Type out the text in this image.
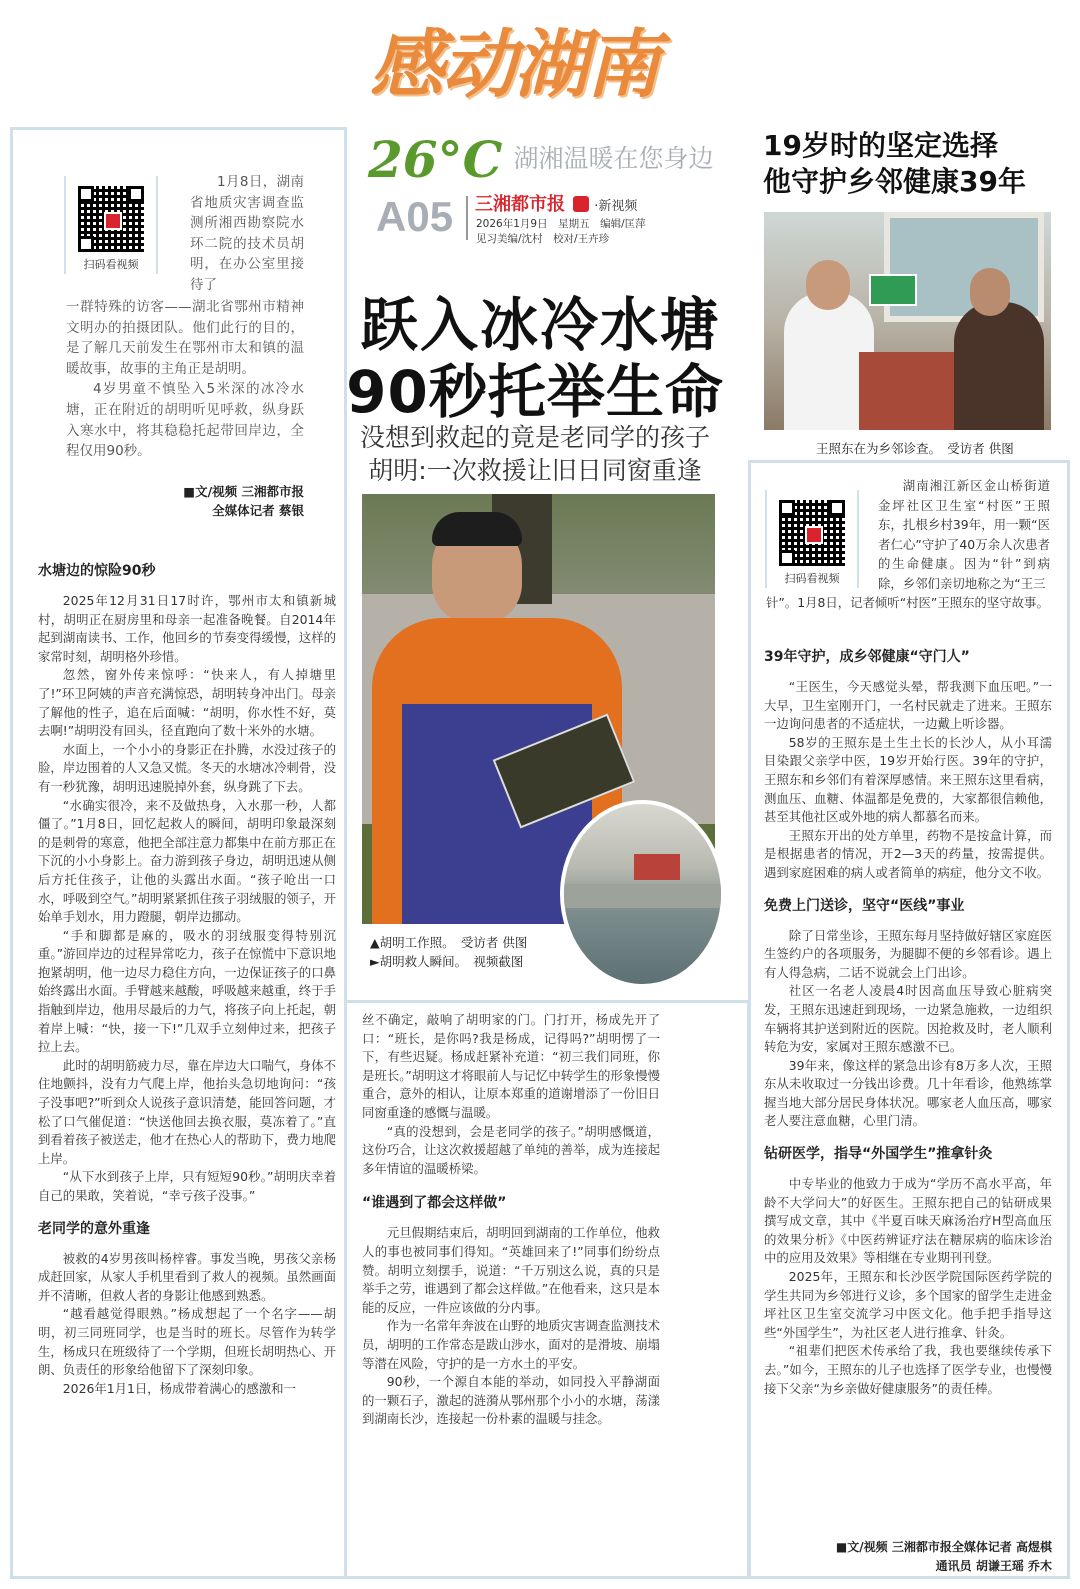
感动湖南
26°C 湖湘温暖在您身边
A05 三湘都市报 ·新视频
2026年1月9日　星期五　编辑/匡萍
见习美编/沈村　校对/王卉珍
扫码看视频
1月8日，湖南省地质灾害调查监测所湘西勘察院水环二院的技术员胡明，在办公室里接待了

一群特殊的访客——湖北省鄂州市精神文明办的拍摄团队。他们此行的目的，是了解几天前发生在鄂州市太和镇的温暖故事，故事的主角正是胡明。

4岁男童不慎坠入5米深的冰冷水塘，正在附近的胡明听见呼救，纵身跃入寒水中，将其稳稳托起带回岸边，全程仅用90秒。

■文/视频 三湘都市报
全媒体记者 蔡银
水塘边的惊险90秒

2025年12月31日17时许，鄂州市太和镇新城村，胡明正在厨房里和母亲一起准备晚餐。自2014年起到湖南读书、工作，他回乡的节奏变得缓慢，这样的家常时刻，胡明格外珍惜。

忽然，窗外传来惊呼：“快来人，有人掉塘里了!”环卫阿姨的声音充满惊恐，胡明转身冲出门。母亲了解他的性子，追在后面喊：“胡明，你水性不好，莫去啊!”胡明没有回头，径直跑向了数十米外的水塘。

水面上，一个小小的身影正在扑腾，水没过孩子的脸，岸边围着的人又急又慌。冬天的水塘冰冷刺骨，没有一秒犹豫，胡明迅速脱掉外套，纵身跳了下去。

“水确实很冷，来不及做热身，入水那一秒，人都僵了。”1月8日，回忆起救人的瞬间，胡明印象最深刻的是刺骨的寒意，他把全部注意力都集中在前方那正在下沉的小小身影上。奋力游到孩子身边，胡明迅速从侧后方托住孩子，让他的头露出水面。“孩子呛出一口水，呼吸到空气。”胡明紧紧抓住孩子羽绒服的领子，开始单手划水，用力蹬腿，朝岸边挪动。

“手和脚都是麻的，吸水的羽绒服变得特别沉重。”游回岸边的过程异常吃力，孩子在惊慌中下意识地抱紧胡明，他一边尽力稳住方向，一边保证孩子的口鼻始终露出水面。手臂越来越酸，呼吸越来越重，终于手指触到岸边，他用尽最后的力气，将孩子向上托起，朝着岸上喊：“快，接一下!”几双手立刻伸过来，把孩子拉上去。

此时的胡明筋疲力尽，靠在岸边大口喘气，身体不住地颤抖，没有力气爬上岸，他抬头急切地询问：“孩子没事吧?”听到众人说孩子意识清楚，能回答问题，才松了口气催促道：“快送他回去换衣服，莫冻着了。”直到看着孩子被送走，他才在热心人的帮助下，费力地爬上岸。

“从下水到孩子上岸，只有短短90秒。”胡明庆幸着自己的果敢，笑着说，“幸亏孩子没事。”

老同学的意外重逢

被救的4岁男孩叫杨梓睿。事发当晚，男孩父亲杨成赶回家，从家人手机里看到了救人的视频。虽然画面并不清晰，但救人者的身影让他感到熟悉。

“越看越觉得眼熟。”杨成想起了一个名字——胡明，初三同班同学，也是当时的班长。尽管作为转学生，杨成只在班级待了一个学期，但班长胡明热心、开朗、负责任的形象给他留下了深刻印象。

2026年1月1日，杨成带着满心的感激和一

跃入冰冷水塘
90秒托举生命
没想到救起的竟是老同学的孩子
胡明:一次救援让旧日同窗重逢
▲胡明工作照。　受访者 供图
►胡明救人瞬间。　视频截图

丝不确定，敲响了胡明家的门。门打开，杨成先开了口：“班长，是你吗?我是杨成，记得吗?”胡明愣了一下，有些迟疑。杨成赶紧补充道：“初三我们同班，你是班长。”胡明这才将眼前人与记忆中转学生的形象慢慢重合，意外的相认，让原本郑重的道谢增添了一份旧日同窗重逢的感慨与温暖。

“真的没想到，会是老同学的孩子。”胡明感慨道，这份巧合，让这次救援超越了单纯的善举，成为连接起多年情谊的温暖桥梁。

“谁遇到了都会这样做”

元旦假期结束后，胡明回到湖南的工作单位，他救人的事也被同事们得知。“英雄回来了!”同事们纷纷点赞。胡明立刻摆手，说道：“千万别这么说，真的只是举手之劳，谁遇到了都会这样做。”在他看来，这只是本能的反应，一件应该做的分内事。

作为一名常年奔波在山野的地质灾害调查监测技术员，胡明的工作常态是跋山涉水，面对的是滑坡、崩塌等潜在风险，守护的是一方水土的平安。

90秒，一个源自本能的举动，如同投入平静湖面的一颗石子，激起的涟漪从鄂州那个小小的水塘，荡漾到湖南长沙，连接起一份朴素的温暖与挂念。

19岁时的坚定选择
他守护乡邻健康39年
王照东在为乡邻诊查。　受访者 供图
扫码看视频

湖南湘江新区金山桥街道金坪社区卫生室“村医”王照东，扎根乡村39年，用一颗“医者仁心”守护了40万余人次患者的生命健康。因为“针”到病除，乡邻们亲切地称之为“王三

针”。1月8日，记者倾听“村医”王照东的坚守故事。

39年守护，成乡邻健康“守门人”

“王医生，今天感觉头晕，帮我测下血压吧。”一大早，卫生室刚开门，一名村民就走了进来。王照东一边询问患者的不适症状，一边戴上听诊器。

58岁的王照东是土生土长的长沙人，从小耳濡目染跟父亲学中医，19岁开始行医。39年的守护，王照东和乡邻们有着深厚感情。来王照东这里看病，测血压、血糖、体温都是免费的，大家都很信赖他，甚至其他社区或外地的病人都慕名而来。

王照东开出的处方单里，药物不是按盒计算，而是根据患者的情况，开2—3天的药量，按需提供。遇到家庭困难的病人或者简单的病症，他分文不收。

免费上门送诊，坚守“医线”事业

除了日常坐诊，王照东每月坚持做好辖区家庭医生签约户的各项服务，为腿脚不便的乡邻看诊。遇上有人得急病，二话不说就会上门出诊。

社区一名老人凌晨4时因高血压导致心脏病突发，王照东迅速赶到现场，一边紧急施救，一边组织车辆将其护送到附近的医院。因抢救及时，老人顺利转危为安，家属对王照东感激不已。

39年来，像这样的紧急出诊有8万多人次，王照东从未收取过一分钱出诊费。几十年看诊，他熟练掌握当地大部分居民身体状况。哪家老人血压高，哪家老人要注意血糖，心里门清。

钻研医学，指导“外国学生”推拿针灸

中专毕业的他致力于成为“学历不高水平高，年龄不大学问大”的好医生。王照东把自己的钻研成果撰写成文章，其中《半夏百味天麻汤治疗H型高血压的效果分析》《中医药辨证疗法在糖尿病的临床诊治中的应用及效果》等相继在专业期刊刊登。

2025年，王照东和长沙医学院国际医药学院的学生共同为乡邻进行义诊，多个国家的留学生走进金坪社区卫生室交流学习中医文化。他手把手指导这些“外国学生”，为社区老人进行推拿、针灸。

“祖辈们把医术传承给了我，我也要继续传承下去。”如今，王照东的儿子也选择了医学专业，也慢慢接下父亲“为乡亲做好健康服务”的责任棒。

■文/视频 三湘都市报全媒体记者 高煜棋
通讯员 胡谦王瑶 乔木
